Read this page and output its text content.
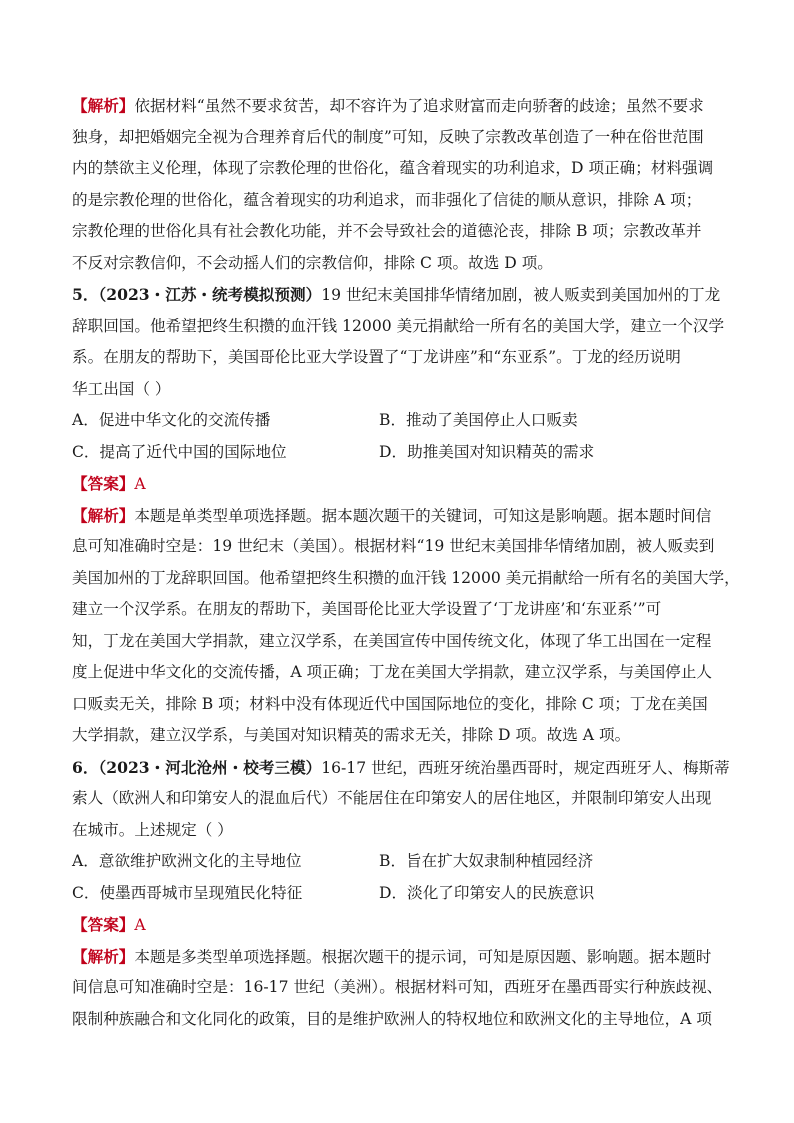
【解析】依据材料“虽然不要求贫苦，却不容许为了追求财富而走向骄奢的歧途；虽然不要求
独身，却把婚姻完全视为合理养育后代的制度”可知，反映了宗教改革创造了一种在俗世范围
内的禁欲主义伦理，体现了宗教伦理的世俗化，蕴含着现实的功利追求，D 项正确；材料强调
的是宗教伦理的世俗化，蕴含着现实的功利追求，而非强化了信徒的顺从意识，排除 A 项；
宗教伦理的世俗化具有社会教化功能，并不会导致社会的道德沦丧，排除 B 项；宗教改革并
不反对宗教信仰，不会动摇人们的宗教信仰，排除 C 项。故选 D 项。
5．（2023・江苏・统考模拟预测）19 世纪末美国排华情绪加剧，被人贩卖到美国加州的丁龙
辞职回国。他希望把终生积攒的血汗钱 12000 美元捐献给一所有名的美国大学，建立一个汉学
系。在朋友的帮助下，美国哥伦比亚大学设置了“丁龙讲座”和“东亚系”。丁龙的经历说明
华工出国（ ）
A．促进中华文化的交流传播	B．推动了美国停止人口贩卖
C．提高了近代中国的国际地位	D．助推美国对知识精英的需求
【答案】A
【解析】本题是单类型单项选择题。据本题次题干的关键词，可知这是影响题。据本题时间信
息可知准确时空是：19 世纪末（美国）。根据材料“19 世纪末美国排华情绪加剧，被人贩卖到
美国加州的丁龙辞职回国。他希望把终生积攒的血汗钱 12000 美元捐献给一所有名的美国大学，
建立一个汉学系。在朋友的帮助下，美国哥伦比亚大学设置了‘丁龙讲座’和‘东亚系’”可
知，丁龙在美国大学捐款，建立汉学系，在美国宣传中国传统文化，体现了华工出国在一定程
度上促进中华文化的交流传播，A 项正确；丁龙在美国大学捐款，建立汉学系，与美国停止人
口贩卖无关，排除 B 项；材料中没有体现近代中国国际地位的变化，排除 C 项；丁龙在美国
大学捐款，建立汉学系，与美国对知识精英的需求无关，排除 D 项。故选 A 项。
6．（2023・河北沧州・校考三模）16-17 世纪，西班牙统治墨西哥时，规定西班牙人、梅斯蒂
索人（欧洲人和印第安人的混血后代）不能居住在印第安人的居住地区，并限制印第安人出现
在城市。上述规定（ ）
A．意欲维护欧洲文化的主导地位	B．旨在扩大奴隶制种植园经济
C．使墨西哥城市呈现殖民化特征	D．淡化了印第安人的民族意识
【答案】A
【解析】本题是多类型单项选择题。根据次题干的提示词，可知是原因题、影响题。据本题时
间信息可知准确时空是：16-17 世纪（美洲）。根据材料可知，西班牙在墨西哥实行种族歧视、
限制种族融合和文化同化的政策，目的是维护欧洲人的特权地位和欧洲文化的主导地位，A 项
